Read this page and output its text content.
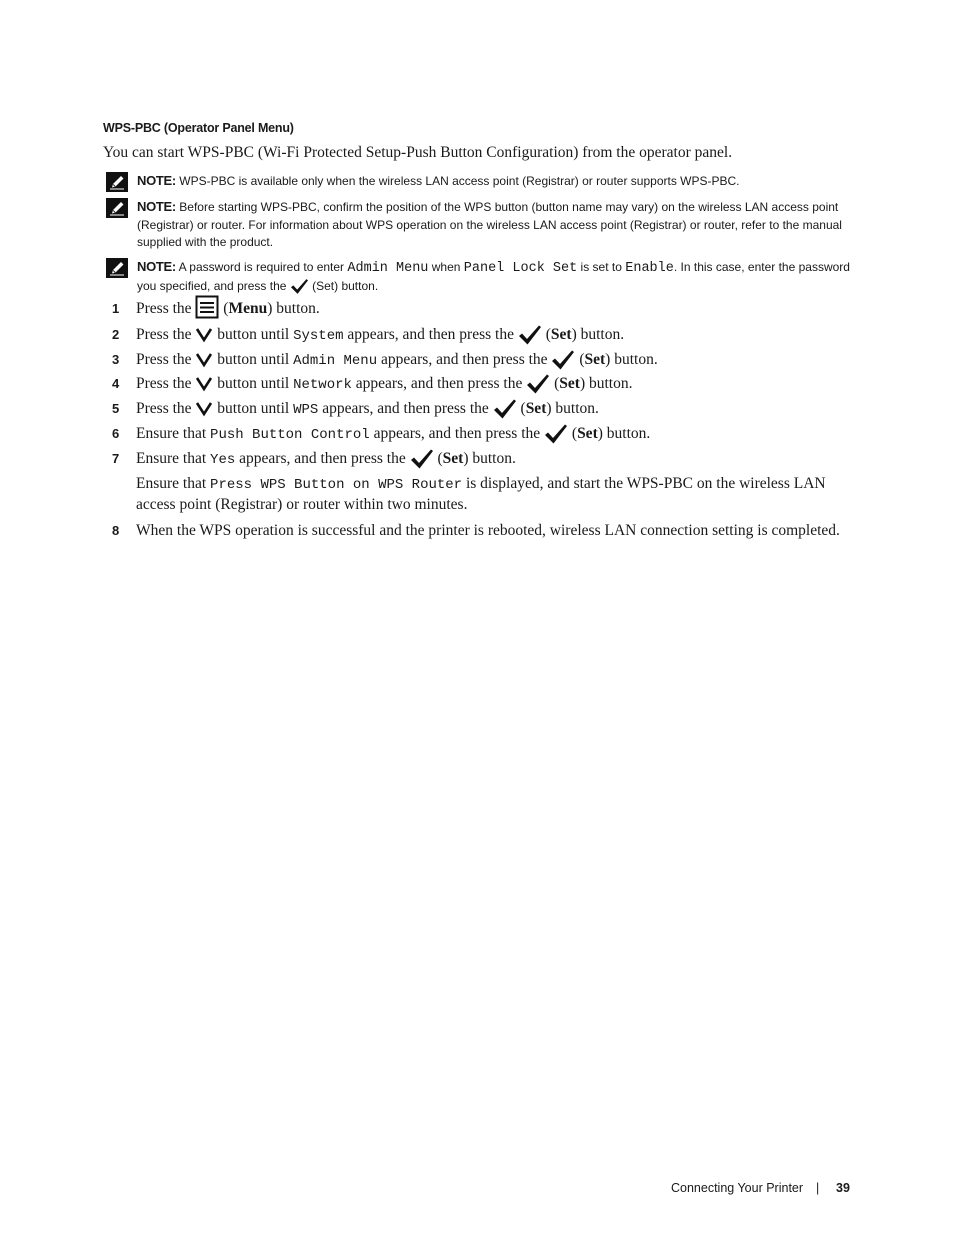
WPS-PBC (Operator Panel Menu)
You can start WPS-PBC (Wi-Fi Protected Setup-Push Button Configuration) from the operator panel.
NOTE: WPS-PBC is available only when the wireless LAN access point (Registrar) or router supports WPS-PBC.
NOTE: Before starting WPS-PBC, confirm the position of the WPS button (button name may vary) on the wireless LAN access point (Registrar) or router. For information about WPS operation on the wireless LAN access point (Registrar) or router, refer to the manual supplied with the product.
NOTE: A password is required to enter Admin Menu when Panel Lock Set is set to Enable. In this case, enter the password you specified, and press the (Set) button.
1	Press the  (Menu) button.
2	Press the button until System appears, and then press the  (Set) button.
3	Press the button until Admin Menu appears, and then press the  (Set) button.
4	Press the button until Network appears, and then press the  (Set) button.
5	Press the button until WPS appears, and then press the  (Set) button.
6	Ensure that Push Button Control appears, and then press the  (Set) button.
7	Ensure that Yes appears, and then press the  (Set) button.
Ensure that Press WPS Button on WPS Router is displayed, and start the WPS-PBC on the wireless LAN access point (Registrar) or router within two minutes.
8	When the WPS operation is successful and the printer is rebooted, wireless LAN connection setting is completed.
Connecting Your Printer | 39
